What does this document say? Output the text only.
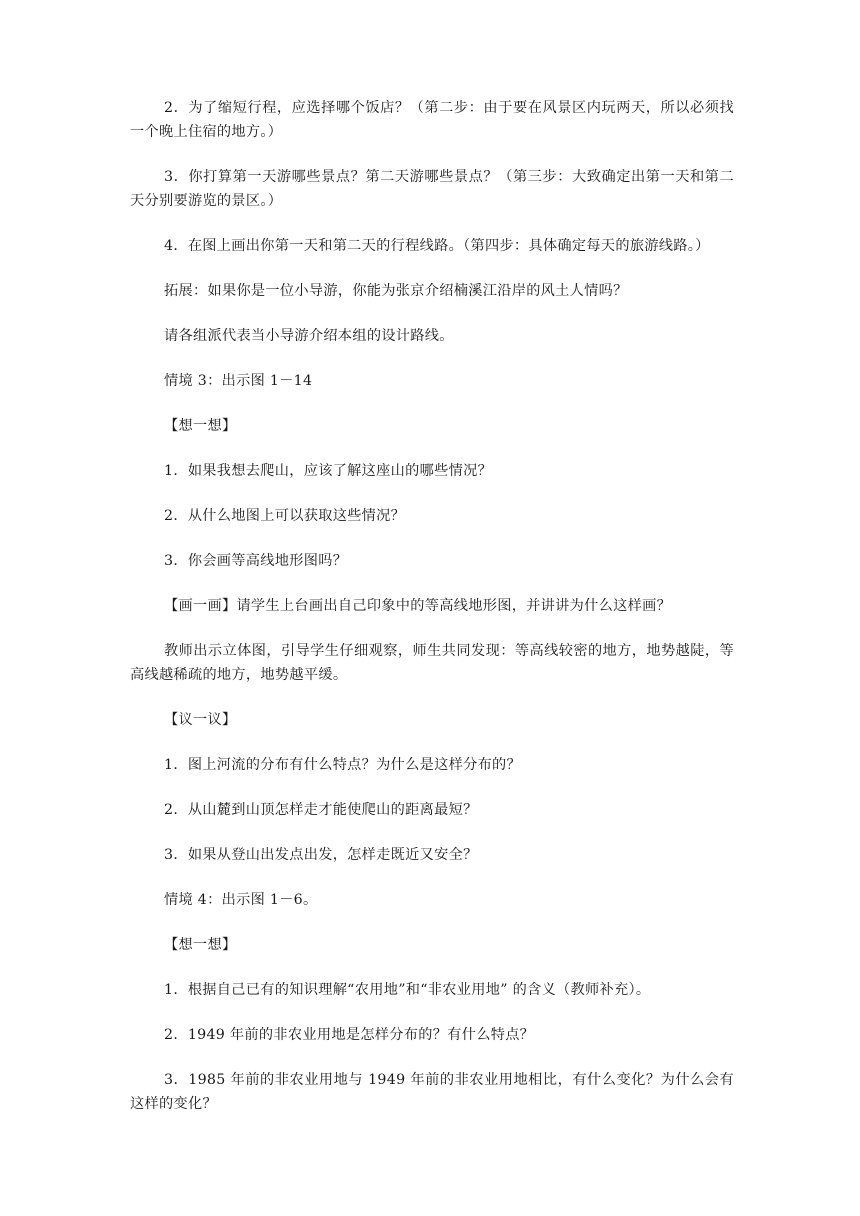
2．为了缩短行程，应选择哪个饭店？（第二步：由于要在风景区内玩两天，所以必须找一个晚上住宿的地方。）

3．你打算第一天游哪些景点？第二天游哪些景点？（第三步：大致确定出第一天和第二天分别要游览的景区。）

4．在图上画出你第一天和第二天的行程线路。（第四步：具体确定每天的旅游线路。）

拓展：如果你是一位小导游，你能为张京介绍楠溪江沿岸的风土人情吗？

请各组派代表当小导游介绍本组的设计路线。

情境 3：出示图 1－14

【想一想】

1．如果我想去爬山，应该了解这座山的哪些情况？

2．从什么地图上可以获取这些情况？

3．你会画等高线地形图吗？

【画一画】请学生上台画出自己印象中的等高线地形图，并讲讲为什么这样画？

教师出示立体图，引导学生仔细观察，师生共同发现：等高线较密的地方，地势越陡，等高线越稀疏的地方，地势越平缓。

【议一议】

1．图上河流的分布有什么特点？为什么是这样分布的？

2．从山麓到山顶怎样走才能使爬山的距离最短？

3．如果从登山出发点出发，怎样走既近又安全？

情境 4：出示图 1－6。

【想一想】

1．根据自己已有的知识理解“农用地”和“非农业用地” 的含义（教师补充）。

2．1949 年前的非农业用地是怎样分布的？有什么特点？

3．1985 年前的非农业用地与 1949 年前的非农业用地相比，有什么变化？为什么会有这样的变化？
